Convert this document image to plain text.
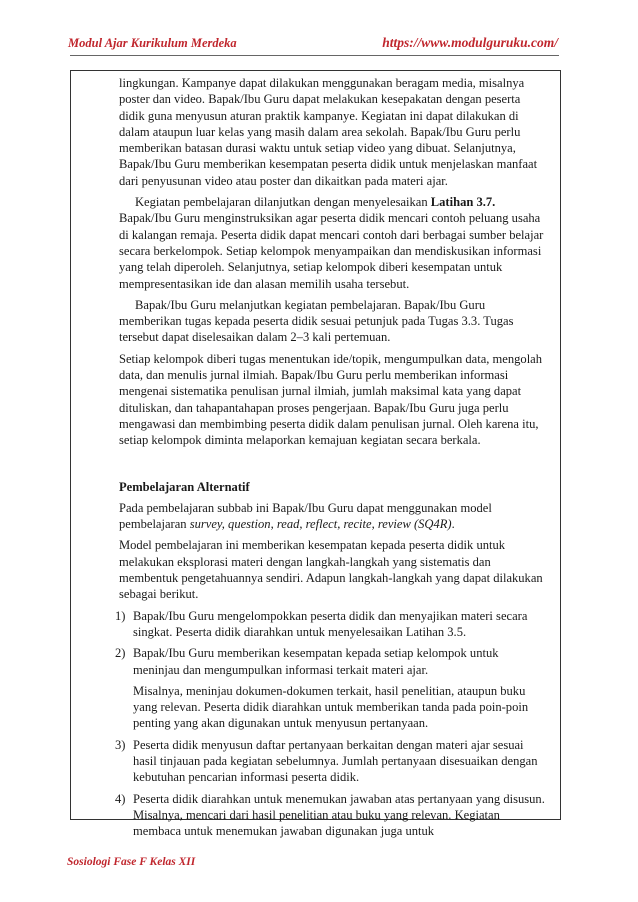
Modul Ajar Kurikulum Merdeka	https://www.modulguruku.com/

lingkungan. Kampanye dapat dilakukan menggunakan beragam media, misalnya poster dan video. Bapak/Ibu Guru dapat melakukan kesepakatan dengan peserta didik guna menyusun aturan praktik kampanye. Kegiatan ini dapat dilakukan di dalam ataupun luar kelas yang masih dalam area sekolah. Bapak/Ibu Guru perlu memberikan batasan durasi waktu untuk setiap video yang dibuat. Selanjutnya, Bapak/Ibu Guru memberikan kesempatan peserta didik untuk menjelaskan manfaat dari penyusunan video atau poster dan dikaitkan pada materi ajar.

Kegiatan pembelajaran dilanjutkan dengan menyelesaikan Latihan 3.7. Bapak/Ibu Guru menginstruksikan agar peserta didik mencari contoh peluang usaha di kalangan remaja. Peserta didik dapat mencari contoh dari berbagai sumber belajar secara berkelompok. Setiap kelompok menyampaikan dan mendiskusikan informasi yang telah diperoleh. Selanjutnya, setiap kelompok diberi kesempatan untuk mempresentasikan ide dan alasan memilih usaha tersebut.

Bapak/Ibu Guru melanjutkan kegiatan pembelajaran. Bapak/Ibu Guru memberikan tugas kepada peserta didik sesuai petunjuk pada Tugas 3.3. Tugas tersebut dapat diselesaikan dalam 2–3 kali pertemuan.

Setiap kelompok diberi tugas menentukan ide/topik, mengumpulkan data, mengolah data, dan menulis jurnal ilmiah. Bapak/Ibu Guru perlu memberikan informasi mengenai sistematika penulisan jurnal ilmiah, jumlah maksimal kata yang dapat dituliskan, dan tahapantahapan proses pengerjaan. Bapak/Ibu Guru juga perlu mengawasi dan membimbing peserta didik dalam penulisan jurnal. Oleh karena itu, setiap kelompok diminta melaporkan kemajuan kegiatan secara berkala.

Pembelajaran Alternatif

Pada pembelajaran subbab ini Bapak/Ibu Guru dapat menggunakan model pembelajaran survey, question, read, reflect, recite, review (SQ4R).

Model pembelajaran ini memberikan kesempatan kepada peserta didik untuk melakukan eksplorasi materi dengan langkah-langkah yang sistematis dan membentuk pengetahuannya sendiri. Adapun langkah-langkah yang dapat dilakukan sebagai berikut.

1) Bapak/Ibu Guru mengelompokkan peserta didik dan menyajikan materi secara singkat. Peserta didik diarahkan untuk menyelesaikan Latihan 3.5.
2) Bapak/Ibu Guru memberikan kesempatan kepada setiap kelompok untuk meninjau dan mengumpulkan informasi terkait materi ajar.
Misalnya, meninjau dokumen-dokumen terkait, hasil penelitian, ataupun buku yang relevan. Peserta didik diarahkan untuk memberikan tanda pada poin-poin penting yang akan digunakan untuk menyusun pertanyaan.
3) Peserta didik menyusun daftar pertanyaan berkaitan dengan materi ajar sesuai hasil tinjauan pada kegiatan sebelumnya. Jumlah pertanyaan disesuaikan dengan kebutuhan pencarian informasi peserta didik.
4) Peserta didik diarahkan untuk menemukan jawaban atas pertanyaan yang disusun. Misalnya, mencari dari hasil penelitian atau buku yang relevan. Kegiatan membaca untuk menemukan jawaban digunakan juga untuk
Sosiologi Fase F Kelas XII
